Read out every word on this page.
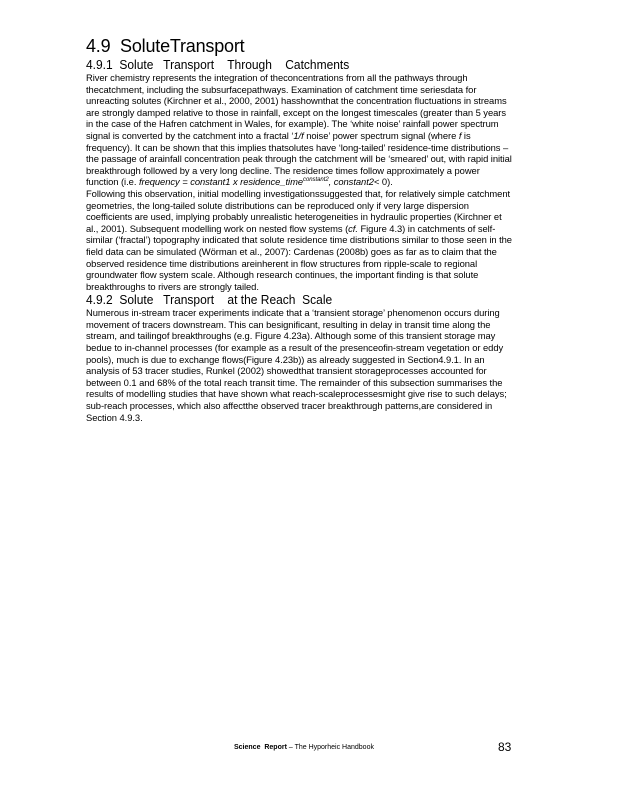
4.9 SoluteTransport
4.9.1 Solute   Transport    Through    Catchments

River chemistry represents the integration of theconcentrations from all the pathways through thecatchment, including the subsurfacepathways. Examination of catchment time seriesdata for unreacting solutes (Kirchner et al., 2000, 2001) hasshownthat the concentration fluctuations in streams are strongly damped relative to those in rainfall, except on the longest timescales (greater than 5 years in the case of the Hafren catchment in Wales, for example). The ‘white noise’ rainfall power spectrum signal is converted by the catchment into a fractal ‘1/f noise’ power spectrum signal (where f is frequency). It can be shown that this implies thatsolutes have ‘long-tailed’ residence-time distributions – the passage of arainfall concentration peak through the catchment will be ‘smeared’ out, with rapid initial breakthrough followed by a very long decline. The residence times follow approximately a power function (i.e. frequency = constant1 x residence_time$^{constant2}$, constant2< 0).

Following this observation, initial modelling investigationssuggested that, for relatively simple catchment geometries, the long-tailed solute distributions can be reproduced only if very large dispersion coefficients are used, implying probably unrealistic heterogeneities in hydraulic properties (Kirchner et al., 2001). Subsequent modelling work on nested flow systems (cf. Figure 4.3) in catchments of self-similar (‘fractal’) topography indicated that solute residence time distributions similar to those seen in the field data can be simulated (Wörman et al., 2007): Cardenas (2008b) goes as far as to claim that the observed residence time distributions areinherent in flow structures from ripple-scale to regional groundwater flow system scale. Although research continues, the important finding is that solute breakthroughs to rivers are strongly tailed.

4.9.2 Solute   Transport    at the Reach  Scale

Numerous in-stream tracer experiments indicate that a ‘transient storage’ phenomenon occurs during movement of tracers downstream. This can besignificant, resulting in delay in transit time along the stream, and tailingof breakthroughs (e.g. Figure 4.23a). Although some of this transient storage may bedue to in-channel processes (for example as a result of the presenceofin-stream vegetation or eddy pools), much is due to exchange flows(Figure 4.23b)) as already suggested in Section4.9.1. In an analysis of 53 tracer studies, Runkel (2002) showedthat transient storageprocesses accounted for between 0.1 and 68% of the total reach transit time. The remainder of this subsection summarises the results of modelling studies that have shown what reach-scaleprocessesmight give rise to such delays; sub-reach processes, which also affectthe observed tracer breakthrough patterns,are considered in Section 4.9.3.

Science  Report – The Hyporheic Handbook	83
